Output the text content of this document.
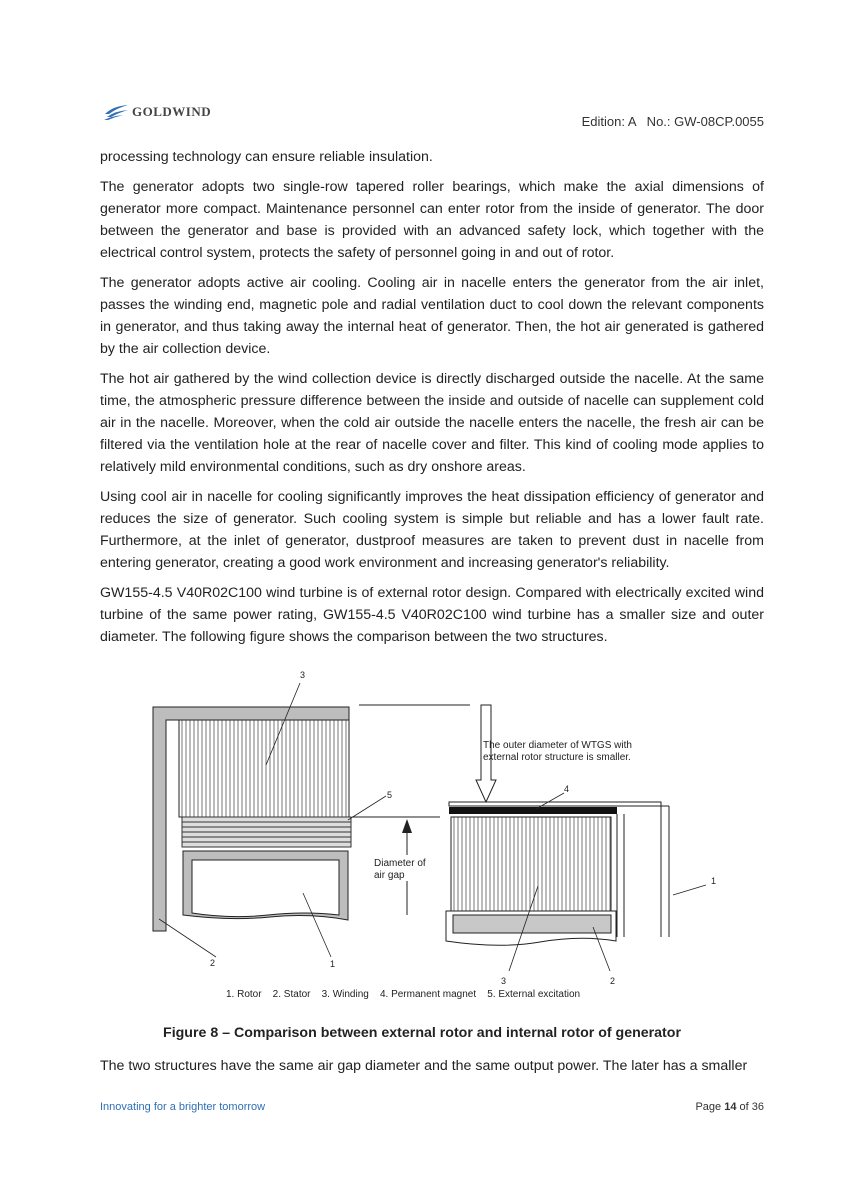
GOLDWIND
Edition: A   No.: GW-08CP.0055

processing technology can ensure reliable insulation.

The generator adopts two single-row tapered roller bearings, which make the axial dimensions of generator more compact. Maintenance personnel can enter rotor from the inside of generator. The door between the generator and base is provided with an advanced safety lock, which together with the electrical control system, protects the safety of personnel going in and out of rotor.

The generator adopts active air cooling. Cooling air in nacelle enters the generator from the air inlet, passes the winding end, magnetic pole and radial ventilation duct to cool down the relevant components in generator, and thus taking away the internal heat of generator. Then, the hot air generated is gathered by the air collection device.

The hot air gathered by the wind collection device is directly discharged outside the nacelle. At the same time, the atmospheric pressure difference between the inside and outside of nacelle can supplement cold air in the nacelle. Moreover, when the cold air outside the nacelle enters the nacelle, the fresh air can be filtered via the ventilation hole at the rear of nacelle cover and filter. This kind of cooling mode applies to relatively mild environmental conditions, such as dry onshore areas.

Using cool air in nacelle for cooling significantly improves the heat dissipation efficiency of generator and reduces the size of generator. Such cooling system is simple but reliable and has a lower fault rate. Furthermore, at the inlet of generator, dustproof measures are taken to prevent dust in nacelle from entering generator, creating a good work environment and increasing generator's reliability.

GW155-4.5 V40R02C100 wind turbine is of external rotor design. Compared with electrically excited wind turbine of the same power rating, GW155-4.5 V40R02C100 wind turbine has a smaller size and outer diameter. The following figure shows the comparison between the two structures.

Diameter of
air gap
The outer diameter of WTGS with
external rotor structure is smaller.
3
5
4
1
2	1
3	2
1. Rotor    2. Stator    3. Winding    4. Permanent magnet    5. External excitation
Figure 8 – Comparison between external rotor and internal rotor of generator
The two structures have the same air gap diameter and the same output power. The later has a smaller
Innovating for a brighter tomorrow	Page 14 of 36
